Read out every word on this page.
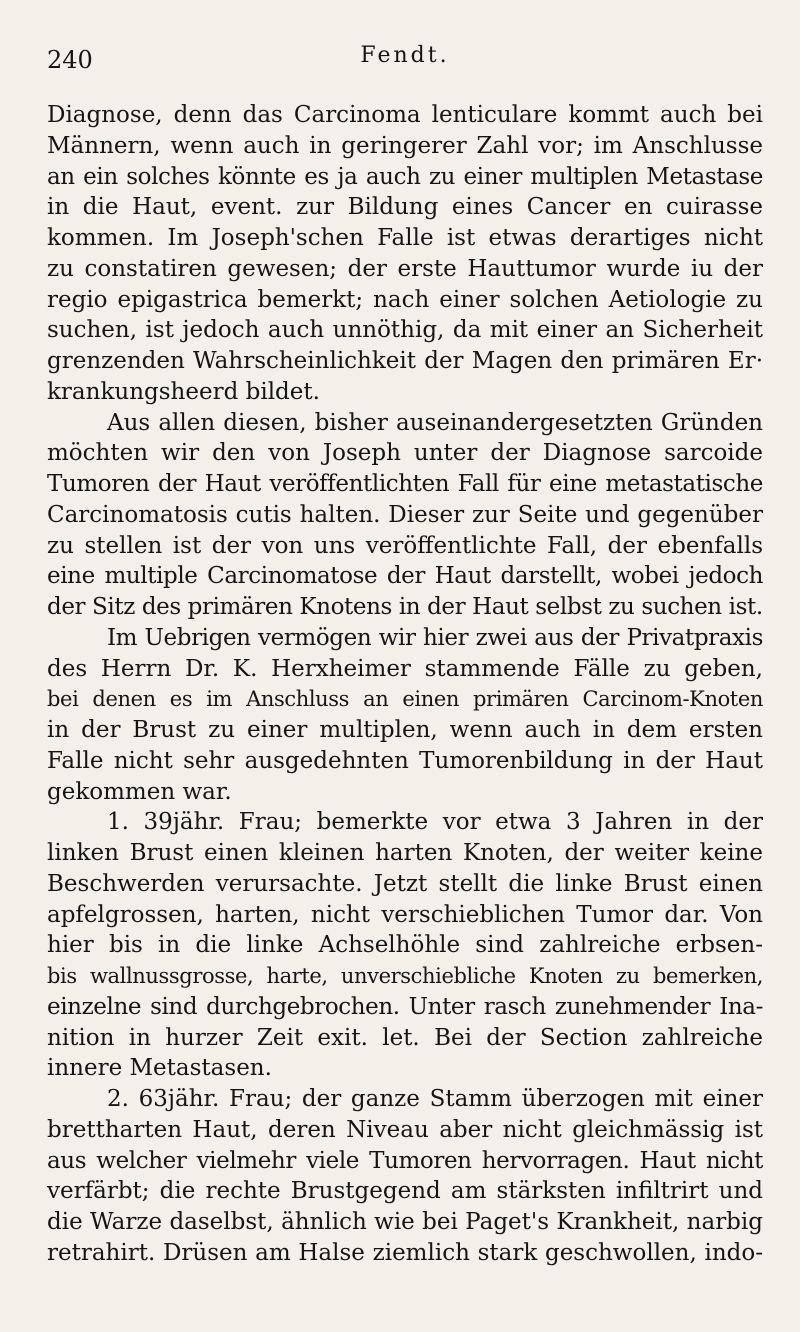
240	Fendt.
Diagnose, denn das Carcinoma lenticulare kommt auch bei
Männern, wenn auch in geringerer Zahl vor; im Anschlusse
an ein solches könnte es ja auch zu einer multiplen Metastase
in die Haut, event. zur Bildung eines Cancer en cuirasse
kommen. Im Joseph'schen Falle ist etwas derartiges nicht
zu constatiren gewesen; der erste Hauttumor wurde iu der
regio epigastrica bemerkt; nach einer solchen Aetiologie zu
suchen, ist jedoch auch unnöthig, da mit einer an Sicherheit
grenzenden Wahrscheinlichkeit der Magen den primären Er·
krankungsheerd bildet.
Aus allen diesen, bisher auseinandergesetzten Gründen
möchten wir den von Joseph unter der Diagnose sarcoide
Tumoren der Haut veröffentlichten Fall für eine metastatische
Carcinomatosis cutis halten. Dieser zur Seite und gegenüber
zu stellen ist der von uns veröffentlichte Fall, der ebenfalls
eine multiple Carcinomatose der Haut darstellt, wobei jedoch
der Sitz des primären Knotens in der Haut selbst zu suchen ist.
Im Uebrigen vermögen wir hier zwei aus der Privatpraxis
des Herrn Dr. K. Herxheimer stammende Fälle zu geben,
bei denen es im Anschluss an einen primären Carcinom-Knoten
in der Brust zu einer multiplen, wenn auch in dem ersten
Falle nicht sehr ausgedehnten Tumorenbildung in der Haut
gekommen war.
1. 39jähr. Frau; bemerkte vor etwa 3 Jahren in der
linken Brust einen kleinen harten Knoten, der weiter keine
Beschwerden verursachte. Jetzt stellt die linke Brust einen
apfelgrossen, harten, nicht verschieblichen Tumor dar. Von
hier bis in die linke Achselhöhle sind zahlreiche erbsen-
bis wallnussgrosse, harte, unverschiebliche Knoten zu bemerken,
einzelne sind durchgebrochen. Unter rasch zunehmender Ina-
nition in hurzer Zeit exit. let. Bei der Section zahlreiche
innere Metastasen.
2. 63jähr. Frau; der ganze Stamm überzogen mit einer
brettharten Haut, deren Niveau aber nicht gleichmässig ist
aus welcher vielmehr viele Tumoren hervorragen. Haut nicht
verfärbt; die rechte Brustgegend am stärksten infiltrirt und
die Warze daselbst, ähnlich wie bei Paget's Krankheit, narbig
retrahirt. Drüsen am Halse ziemlich stark geschwollen, indo-
